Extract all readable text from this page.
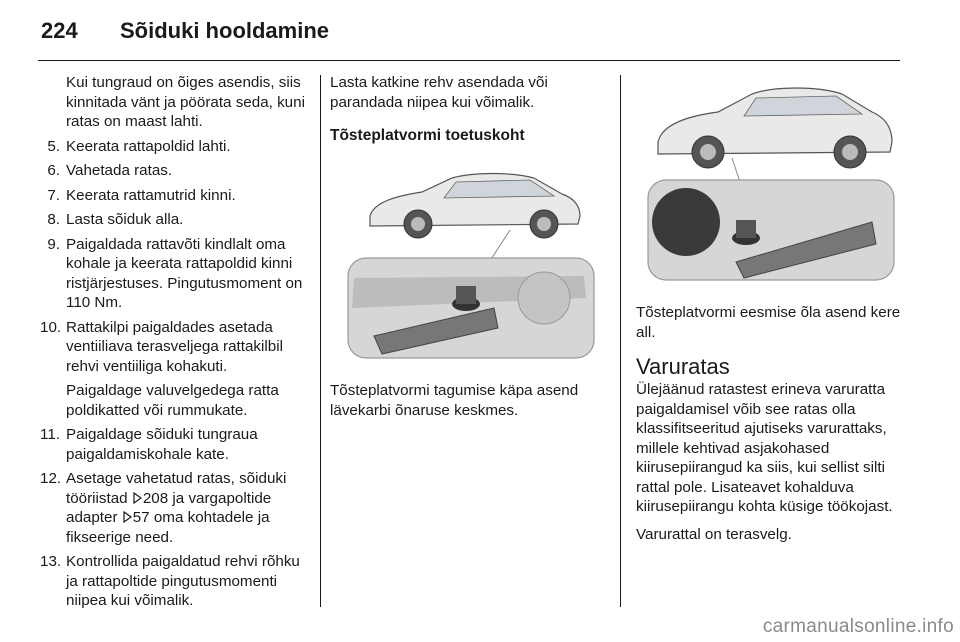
224 Sõiduki hooldamine

Kui tungraud on õiges asendis, siis kinnitada vänt ja pöörata seda, kuni ratas on maast lahti.

5. Keerata rattapoldid lahti.
6. Vahetada ratas.
7. Keerata rattamutrid kinni.
8. Lasta sõiduk alla.
9. Paigaldada rattavõti kindlalt oma kohale ja keerata rattapoldid kinni ristjärjestuses. Pingutusmoment on 110 Nm.
10. Rattakilpi paigaldades asetada ventiiliava terasveljega rattakilbil rehvi ventiiliga kohakuti.

Paigaldage valuvelgedega ratta poldikatted või rummukate.

11. Paigaldage sõiduki tungraua paigaldamiskohale kate.
12. Asetage vahetatud ratas, sõiduki tööriistad 208 ja vargapoltide adapter 57 oma kohtadele ja fikseerige need.
13. Kontrollida paigaldatud rehvi rõhku ja rattapoltide pingutusmomenti niipea kui võimalik.

Lasta katkine rehv asendada või parandada niipea kui võimalik.

Tõsteplatvormi toetuskoht

Tõsteplatvormi tagumise käpa asend lävekarbi õnaruse keskmes.

Tõsteplatvormi eesmise õla asend kere all.

Varuratas

Ülejäänud ratastest erineva varuratta paigaldamisel võib see ratas olla klassifitseeritud ajutiseks varurattaks, millele kehtivad asjakohased kiirusepiirangud ka siis, kui sellist silti rattal pole. Lisateavet kohalduva kiirusepiirangu kohta küsige töökojast.

Varurattal on terasvelg.

carmanualsonline.info
